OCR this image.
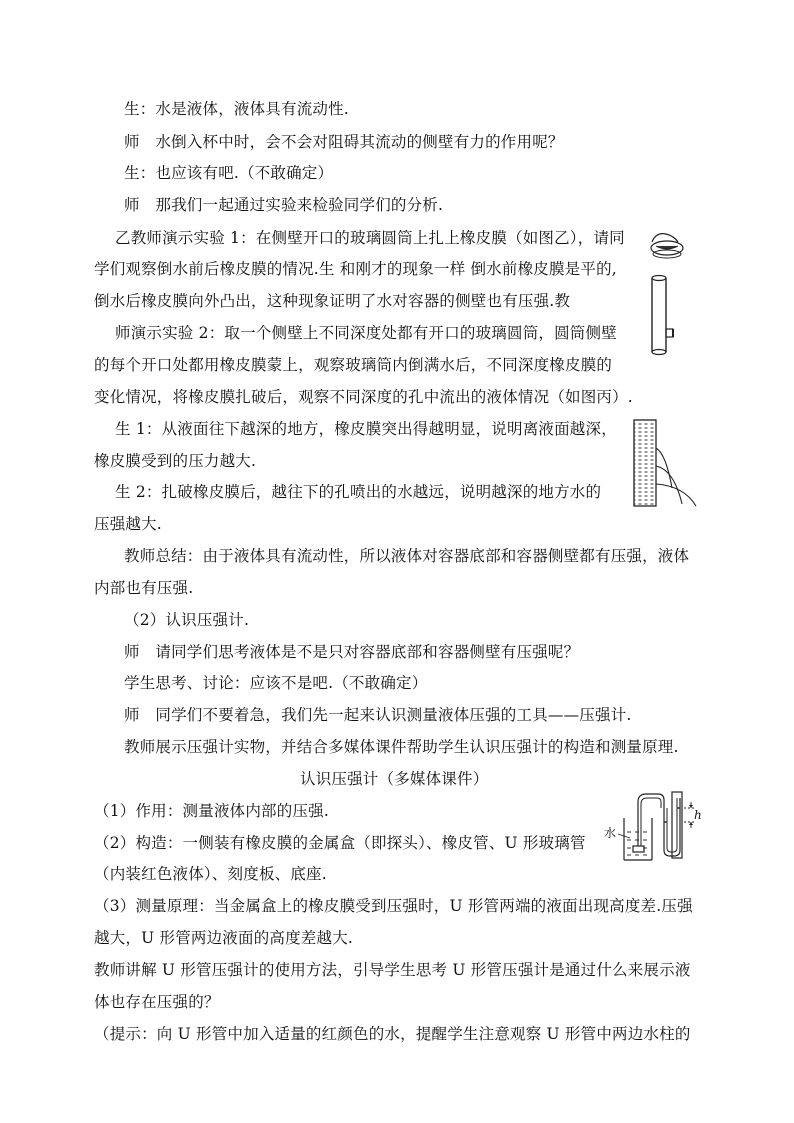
生：水是液体，液体具有流动性.
师　水倒入杯中时，会不会对阻碍其流动的侧壁有力的作用呢？
生：也应该有吧.（不敢确定）
师　那我们一起通过实验来检验同学们的分析.
乙教师演示实验 1：在侧壁开口的玻璃圆筒上扎上橡皮膜（如图乙），请同
学们观察倒水前后橡皮膜的情况.生 和刚才的现象一样 倒水前橡皮膜是平的,
倒水后橡皮膜向外凸出，这种现象证明了水对容器的侧壁也有压强.教
师演示实验 2：取一个侧壁上不同深度处都有开口的玻璃圆筒，圆筒侧壁
的每个开口处都用橡皮膜蒙上，观察玻璃筒内倒满水后，不同深度橡皮膜的
变化情况，将橡皮膜扎破后，观察不同深度的孔中流出的液体情况（如图丙）.
生 1：从液面往下越深的地方，橡皮膜突出得越明显，说明离液面越深，
橡皮膜受到的压力越大.
生 2：扎破橡皮膜后，越往下的孔喷出的水越远，说明越深的地方水的
压强越大.
教师总结：由于液体具有流动性，所以液体对容器底部和容器侧壁都有压强，液体
内部也有压强.
（2）认识压强计.
师　请同学们思考液体是不是只对容器底部和容器侧壁有压强呢？
学生思考、讨论：应该不是吧.（不敢确定）
师　同学们不要着急，我们先一起来认识测量液体压强的工具——压强计.
教师展示压强计实物，并结合多媒体课件帮助学生认识压强计的构造和测量原理.
认识压强计（多媒体课件）
（1）作用：测量液体内部的压强.
（2）构造：一侧装有橡皮膜的金属盒（即探头）、橡皮管、U 形玻璃管
（内装红色液体）、刻度板、底座.
（3）测量原理：当金属盒上的橡皮膜受到压强时，U 形管两端的液面出现高度差.压强
越大，U 形管两边液面的高度差越大.
教师讲解 U 形管压强计的使用方法，引导学生思考 U 形管压强计是通过什么来展示液
体也存在压强的？
（提示：向 U 形管中加入适量的红颜色的水，提醒学生注意观察 U 形管中两边水柱的
水
h
